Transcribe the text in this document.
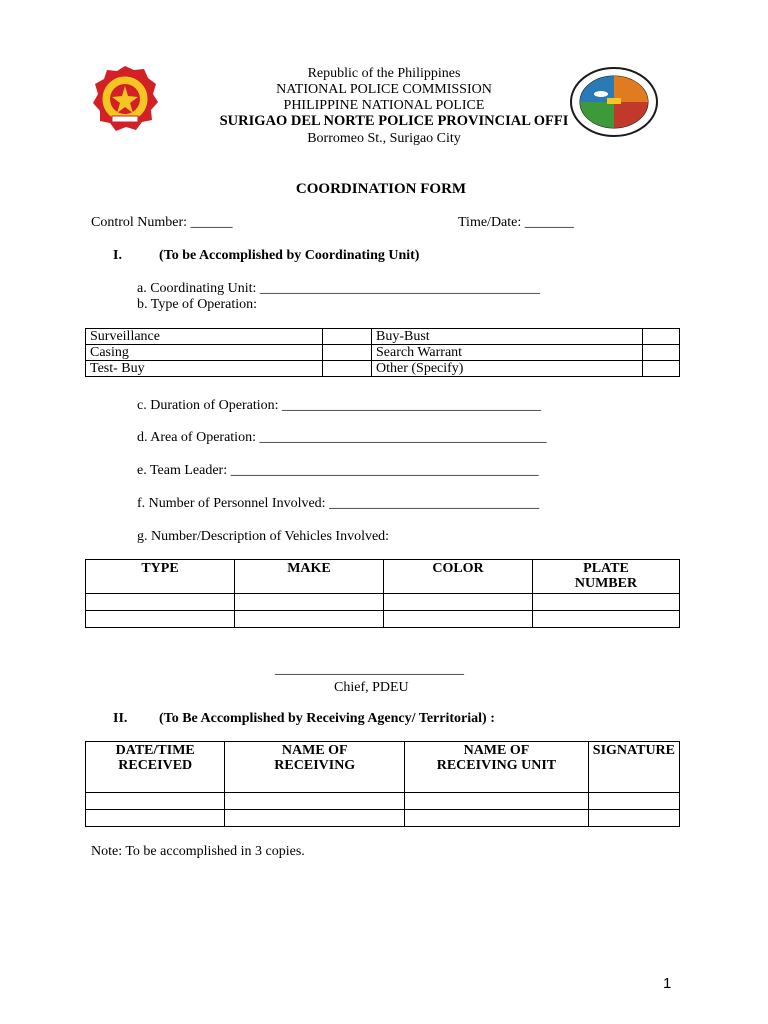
Republic of the Philippines
NATIONAL POLICE COMMISSION
PHILIPPINE NATIONAL POLICE
SURIGAO DEL NORTE POLICE PROVINCIAL OFFI
Borromeo St., Surigao City
COORDINATION FORM
Control Number: ______	Time/Date: _______
I.	(To be Accomplished by Coordinating Unit)
a. Coordinating Unit: ________________________________________
b. Type of Operation:
Surveillance		Buy-Bust	
Casing		Search Warrant	
Test- Buy		Other (Specify)	
c. Duration of Operation: _____________________________________
d. Area of Operation: _________________________________________
e. Team Leader: ____________________________________________
f. Number of Personnel Involved: ______________________________
g. Number/Description of Vehicles Involved:
TYPE	MAKE	COLOR	PLATE NUMBER

___________________________
Chief, PDEU
II. (To Be Accomplished by Receiving Agency/ Territorial) :
DATE/TIME RECEIVED	NAME OF RECEIVING	NAME OF RECEIVING UNIT	SIGNATURE

Note: To be accomplished in 3 copies.
1
